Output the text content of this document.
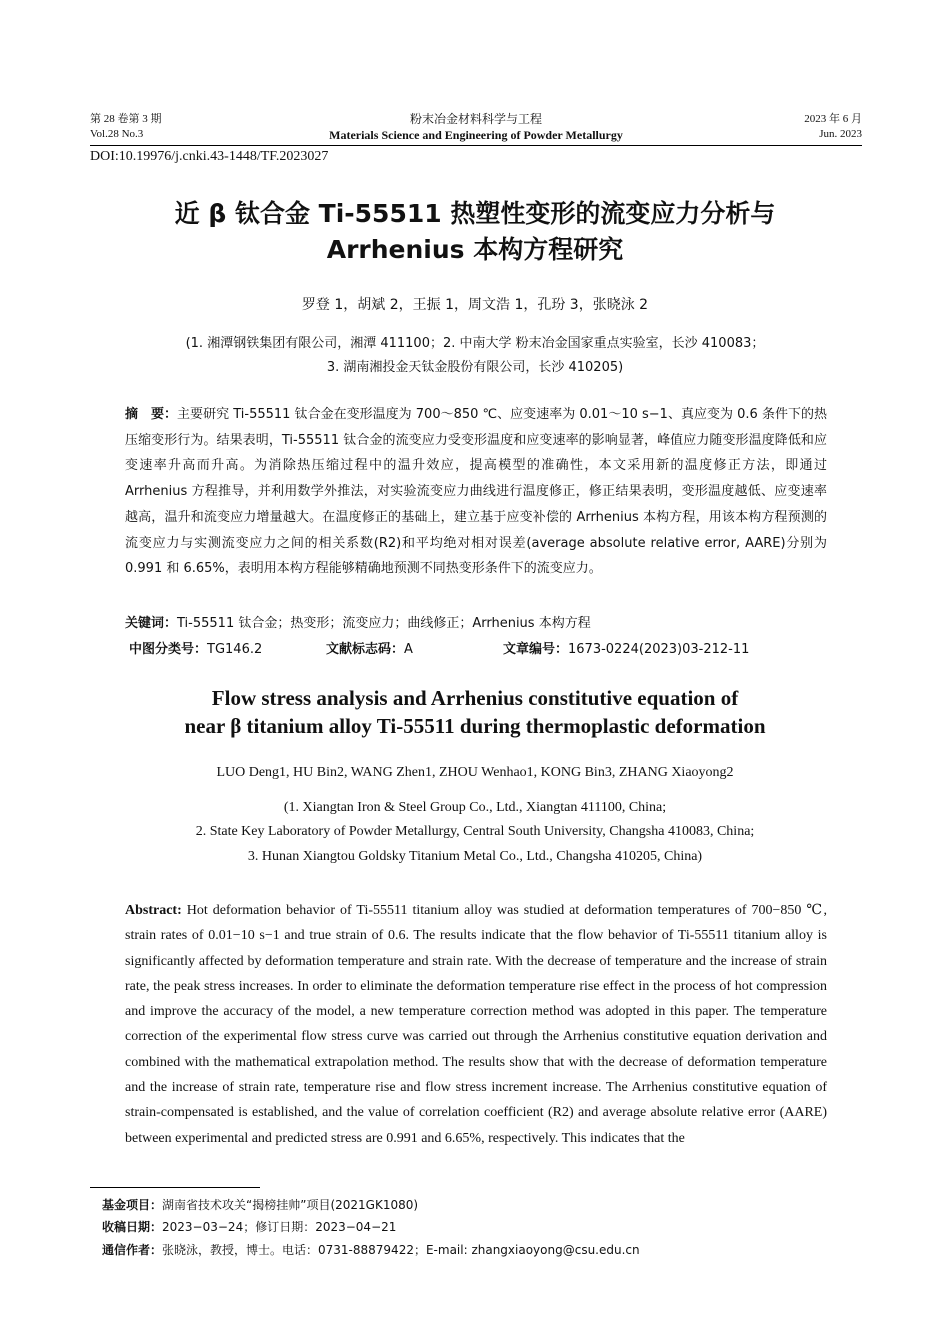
第 28 卷第 3 期	粉末冶金材料科学与工程	2023 年 6 月
Vol.28 No.3	Materials Science and Engineering of Powder Metallurgy	Jun. 2023
DOI:10.19976/j.cnki.43-1448/TF.2023027
近 β 钛合金 Ti-55511 热塑性变形的流变应力分析与
Arrhenius 本构方程研究
罗登 1，胡斌 2，王振 1，周文浩 1，孔玢 3，张晓泳 2
(1. 湘潭钢铁集团有限公司，湘潭 411100；2. 中南大学 粉末冶金国家重点实验室，长沙 410083；
3. 湖南湘投金天钛金股份有限公司，长沙 410205)
摘　要：主要研究 Ti-55511 钛合金在变形温度为 700～850 ℃、应变速率为 0.01～10 s−1、真应变为 0.6 条件下的热压缩变形行为。结果表明，Ti-55511 钛合金的流变应力受变形温度和应变速率的影响显著，峰值应力随变形温度降低和应变速率升高而升高。为消除热压缩过程中的温升效应，提高模型的准确性，本文采用新的温度修正方法，即通过 Arrhenius 方程推导，并利用数学外推法，对实验流变应力曲线进行温度修正，修正结果表明，变形温度越低、应变速率越高，温升和流变应力增量越大。在温度修正的基础上，建立基于应变补偿的 Arrhenius 本构方程，用该本构方程预测的流变应力与实测流变应力之间的相关系数(R2)和平均绝对相对误差(average absolute relative error, AARE)分别为 0.991 和 6.65%，表明用本构方程能够精确地预测不同热变形条件下的流变应力。
关键词：Ti-55511 钛合金；热变形；流变应力；曲线修正；Arrhenius 本构方程
中图分类号：TG146.2	文献标志码：A	文章编号：1673-0224(2023)03-212-11
Flow stress analysis and Arrhenius constitutive equation of
near β titanium alloy Ti-55511 during thermoplastic deformation
LUO Deng1, HU Bin2, WANG Zhen1, ZHOU Wenhao1, KONG Bin3, ZHANG Xiaoyong2
(1. Xiangtan Iron & Steel Group Co., Ltd., Xiangtan 411100, China;
2. State Key Laboratory of Powder Metallurgy, Central South University, Changsha 410083, China;
3. Hunan Xiangtou Goldsky Titanium Metal Co., Ltd., Changsha 410205, China)
Abstract: Hot deformation behavior of Ti-55511 titanium alloy was studied at deformation temperatures of 700−850 ℃, strain rates of 0.01−10 s−1 and true strain of 0.6. The results indicate that the flow behavior of Ti-55511 titanium alloy is significantly affected by deformation temperature and strain rate. With the decrease of temperature and the increase of strain rate, the peak stress increases. In order to eliminate the deformation temperature rise effect in the process of hot compression and improve the accuracy of the model, a new temperature correction method was adopted in this paper. The temperature correction of the experimental flow stress curve was carried out through the Arrhenius constitutive equation derivation and combined with the mathematical extrapolation method. The results show that with the decrease of deformation temperature and the increase of strain rate, temperature rise and flow stress increment increase. The Arrhenius constitutive equation of strain-compensated is established, and the value of correlation coefficient (R2) and average absolute relative error (AARE) between experimental and predicted stress are 0.991 and 6.65%, respectively. This indicates that the
基金项目：湖南省技术攻关“揭榜挂帅”项目(2021GK1080)
收稿日期：2023−03−24；修订日期：2023−04−21
通信作者：张晓泳，教授，博士。电话：0731-88879422；E-mail: zhangxiaoyong@csu.edu.cn
